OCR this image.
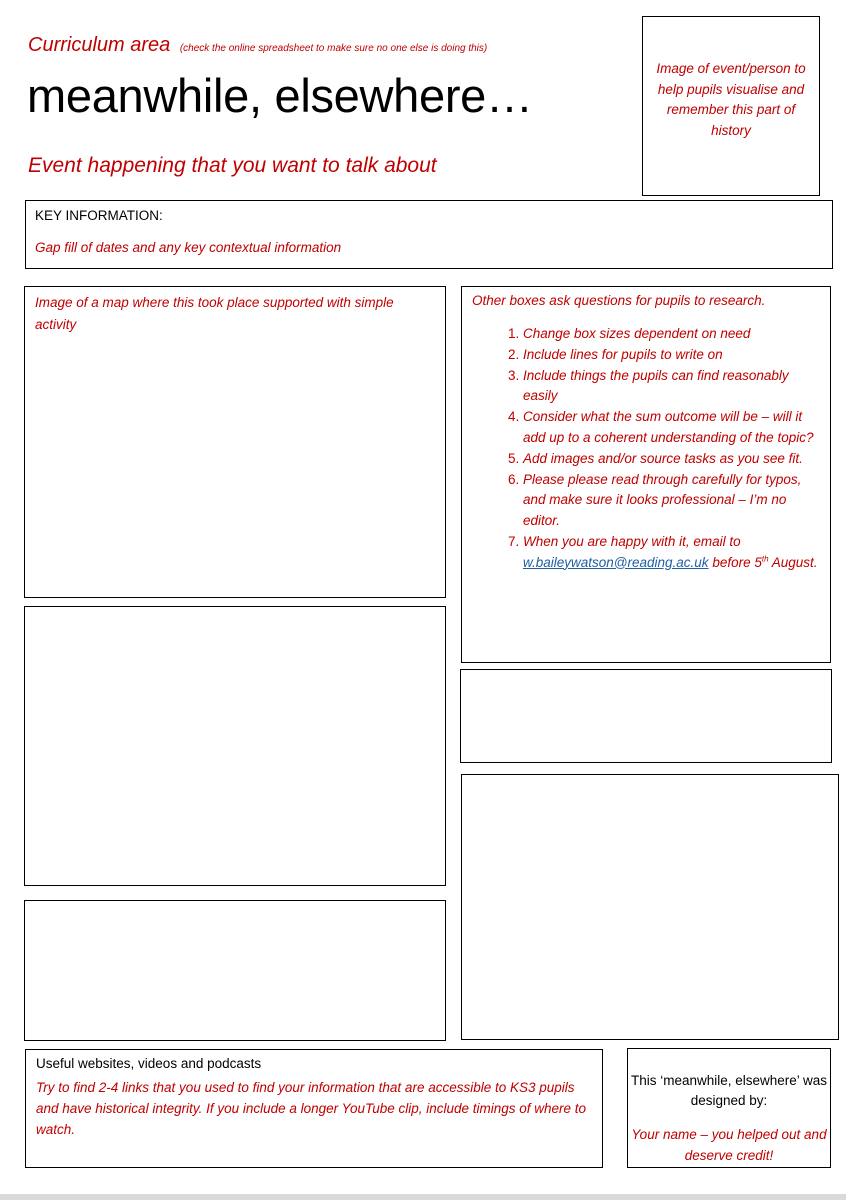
Curriculum area (check the online spreadsheet to make sure no one else is doing this)
meanwhile, elsewhere…
Event happening that you want to talk about
Image of event/person to help pupils visualise and remember this part of history
KEY INFORMATION:
Gap fill of dates and any key contextual information
Image of a map where this took place supported with simple activity
Other boxes ask questions for pupils to research.
1. Change box sizes dependent on need
2. Include lines for pupils to write on
3. Include things the pupils can find reasonably easily
4. Consider what the sum outcome will be – will it add up to a coherent understanding of the topic?
5. Add images and/or source tasks as you see fit.
6. Please please read through carefully for typos, and make sure it looks professional – I’m no editor.
7. When you are happy with it, email to w.baileywatson@reading.ac.uk before 5th August.
Useful websites, videos and podcasts
Try to find 2-4 links that you used to find your information that are accessible to KS3 pupils and have historical integrity. If you include a longer YouTube clip, include timings of where to watch.
This ‘meanwhile, elsewhere’ was designed by:
Your name – you helped out and deserve credit!
